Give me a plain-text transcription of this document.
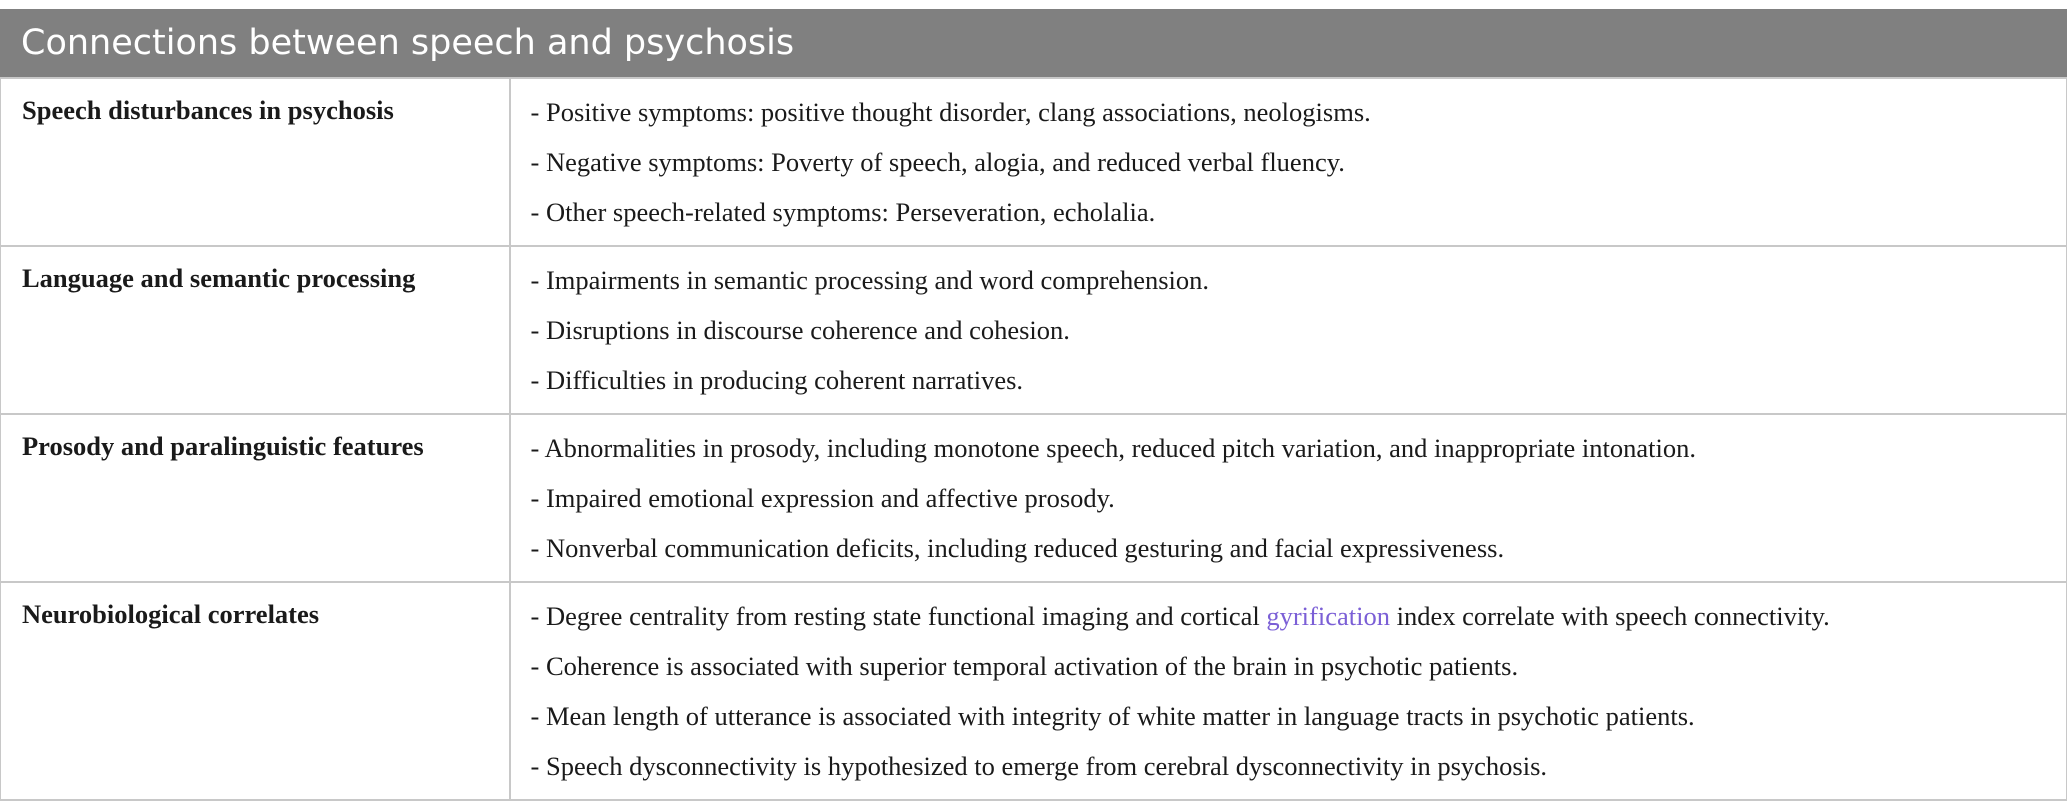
Connections between speech and psychosis
Speech disturbances in psychosis	- Positive symptoms: positive thought disorder, clang associations, neologisms.
- Negative symptoms: Poverty of speech, alogia, and reduced verbal fluency.
- Other speech-related symptoms: Perseveration, echolalia.

Language and semantic processing	- Impairments in semantic processing and word comprehension.
- Disruptions in discourse coherence and cohesion.
- Difficulties in producing coherent narratives.

Prosody and paralinguistic features	- Abnormalities in prosody, including monotone speech, reduced pitch variation, and inappropriate intonation.
- Impaired emotional expression and affective prosody.
- Nonverbal communication deficits, including reduced gesturing and facial expressiveness.

Neurobiological correlates	- Degree centrality from resting state functional imaging and cortical gyrification index correlate with speech connectivity.
- Coherence is associated with superior temporal activation of the brain in psychotic patients.
- Mean length of utterance is associated with integrity of white matter in language tracts in psychotic patients.
- Speech dysconnectivity is hypothesized to emerge from cerebral dysconnectivity in psychosis.
